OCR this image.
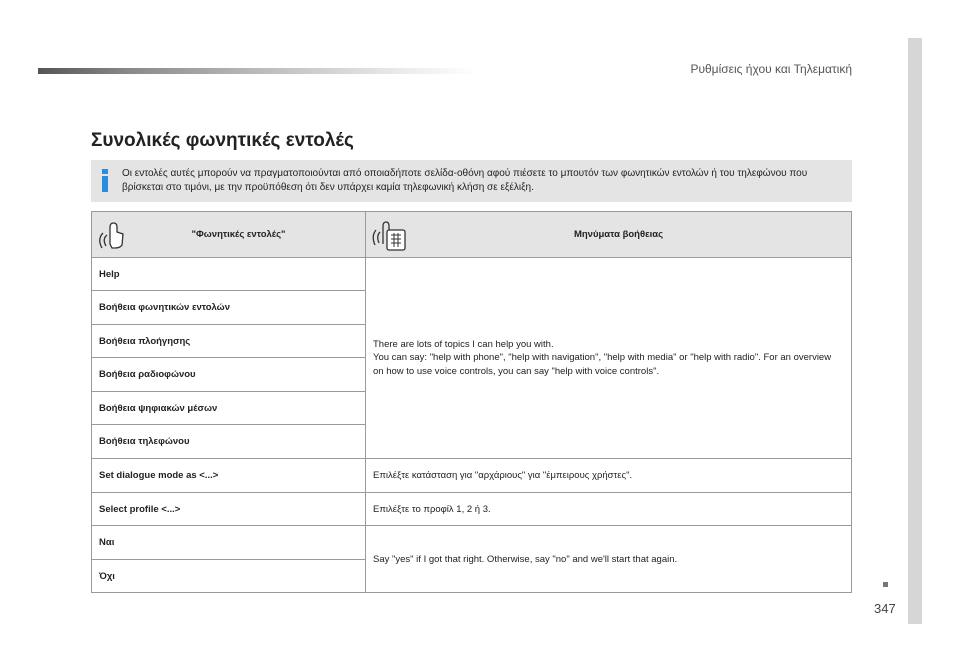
Ρυθμίσεις ήχου και Τηλεματική
347
Συνολικές φωνητικές εντολές
Οι εντολές αυτές μπορούν να πραγματοποιούνται από οποιαδήποτε σελίδα-οθόνη αφού πιέσετε το μπουτόν των φωνητικών εντολών ή του τηλεφώνου που βρίσκεται στο τιμόνι, με την προϋπόθεση ότι δεν υπάρχει καμία τηλεφωνική κλήση σε εξέλιξη.
"Φωνητικές εντολές"	Μηνύματα βοήθειας

Help	There are lots of topics I can help you with.
You can say: "help with phone", "help with navigation", "help with media" or "help with radio". For an overview on how to use voice controls, you can say "help with voice controls".

Βοήθεια φωνητικών εντολών	
Βοήθεια πλοήγησης	
Βοήθεια ραδιοφώνου	
Βοήθεια ψηφιακών μέσων	
Βοήθεια τηλεφώνου	
Set dialogue mode as <...>	Επιλέξτε κατάσταση για "αρχάριους" για "έμπειρους χρήστες".
Select profile <...>	Επιλέξτε το προφίλ 1, 2 ή 3.
Ναι	Say "yes" if I got that right. Otherwise, say "no" and we'll start that again.
Όχι	
